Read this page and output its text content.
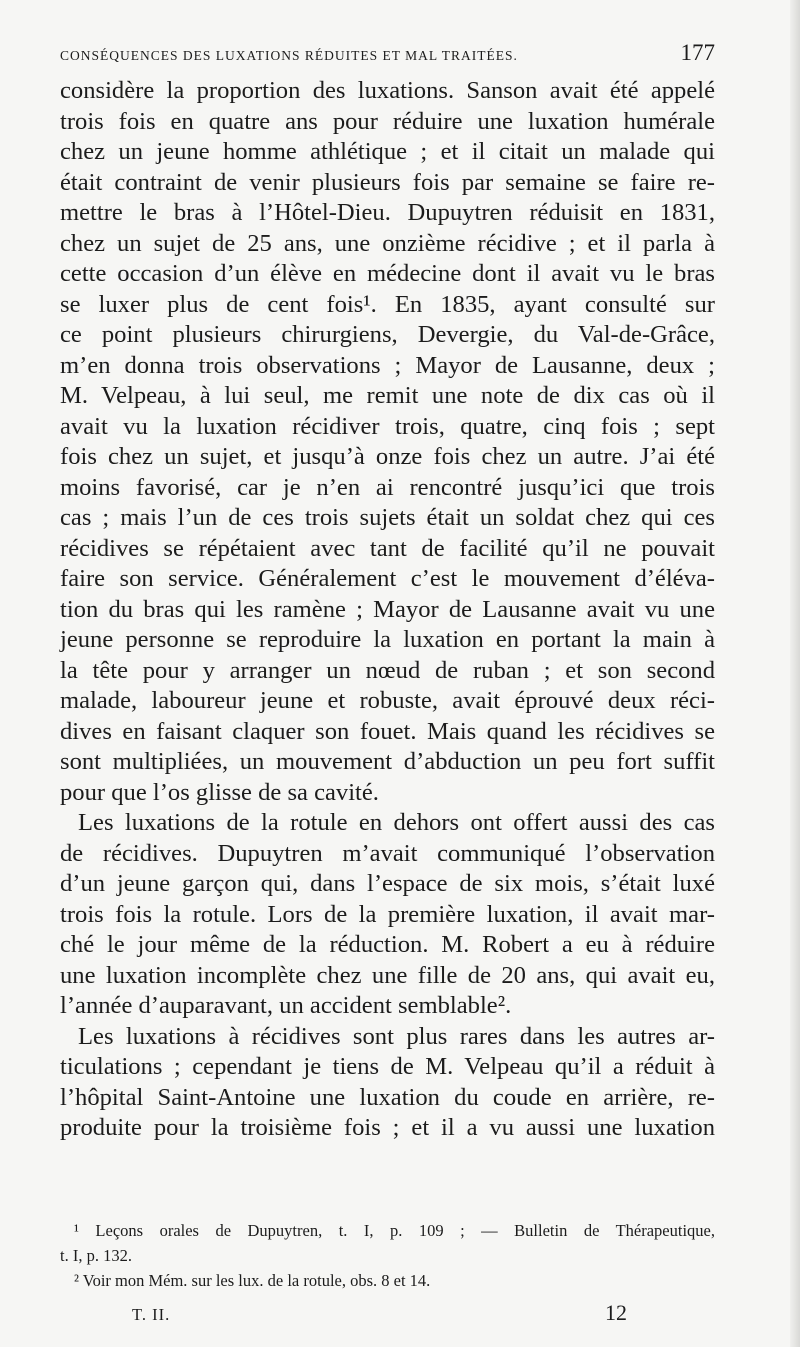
CONSÉQUENCES DES LUXATIONS RÉDUITES ET MAL TRAITÉES.	177
considère la proportion des luxations. Sanson avait été appelé
trois fois en quatre ans pour réduire une luxation humérale
chez un jeune homme athlétique ; et il citait un malade qui
était contraint de venir plusieurs fois par semaine se faire re-
mettre le bras à l’Hôtel-Dieu. Dupuytren réduisit en 1831,
chez un sujet de 25 ans, une onzième récidive ; et il parla à
cette occasion d’un élève en médecine dont il avait vu le bras
se luxer plus de cent fois¹. En 1835, ayant consulté sur
ce point plusieurs chirurgiens, Devergie, du Val-de-Grâce,
m’en donna trois observations ; Mayor de Lausanne, deux ;
M. Velpeau, à lui seul, me remit une note de dix cas où il
avait vu la luxation récidiver trois, quatre, cinq fois ; sept
fois chez un sujet, et jusqu’à onze fois chez un autre. J’ai été
moins favorisé, car je n’en ai rencontré jusqu’ici que trois
cas ; mais l’un de ces trois sujets était un soldat chez qui ces
récidives se répétaient avec tant de facilité qu’il ne pouvait
faire son service. Généralement c’est le mouvement d’éléva-
tion du bras qui les ramène ; Mayor de Lausanne avait vu une
jeune personne se reproduire la luxation en portant la main à
la tête pour y arranger un nœud de ruban ; et son second
malade, laboureur jeune et robuste, avait éprouvé deux réci-
dives en faisant claquer son fouet. Mais quand les récidives se
sont multipliées, un mouvement d’abduction un peu fort suffit
pour que l’os glisse de sa cavité.
Les luxations de la rotule en dehors ont offert aussi des cas
de récidives. Dupuytren m’avait communiqué l’observation
d’un jeune garçon qui, dans l’espace de six mois, s’était luxé
trois fois la rotule. Lors de la première luxation, il avait mar-
ché le jour même de la réduction. M. Robert a eu à réduire
une luxation incomplète chez une fille de 20 ans, qui avait eu,
l’année d’auparavant, un accident semblable².
Les luxations à récidives sont plus rares dans les autres ar-
ticulations ; cependant je tiens de M. Velpeau qu’il a réduit à
l’hôpital Saint-Antoine une luxation du coude en arrière, re-
produite pour la troisième fois ; et il a vu aussi une luxation
¹ Leçons orales de Dupuytren, t. I, p. 109 ; — Bulletin de Thérapeutique,
t. I, p. 132.
² Voir mon Mém. sur les lux. de la rotule, obs. 8 et 14.
T. II.	12
